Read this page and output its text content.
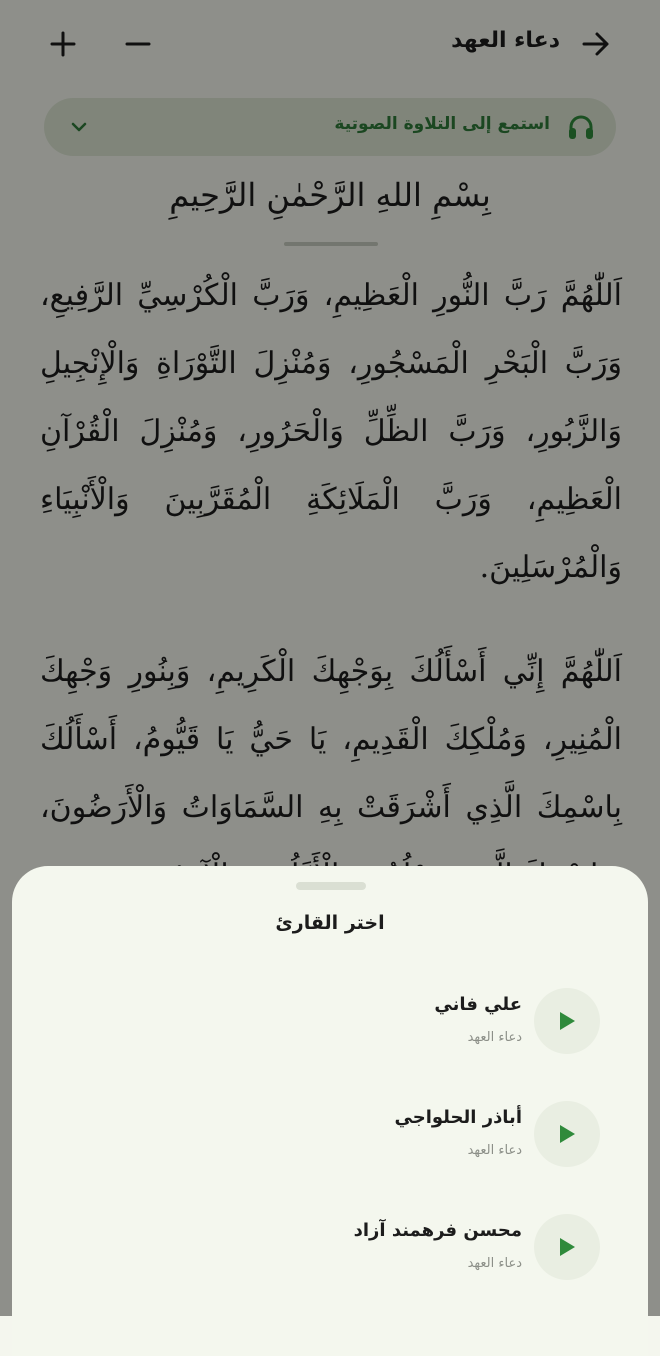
دعاء العهد
استمع إلى التلاوة الصوتية
بِسْمِ اللهِ الرَّحْمٰنِ الرَّحِيمِ

اَللّٰهُمَّ رَبَّ النُّورِ الْعَظِيمِ، وَرَبَّ الْكُرْسِيِّ الرَّفِيعِ، وَرَبَّ الْبَحْرِ الْمَسْجُورِ، وَمُنْزِلَ التَّوْرَاةِ وَالْإِنْجِيلِ وَالزَّبُورِ، وَرَبَّ الظِّلِّ وَالْحَرُورِ، وَمُنْزِلَ الْقُرْآنِ الْعَظِيمِ، وَرَبَّ الْمَلَائِكَةِ الْمُقَرَّبِينَ وَالْأَنْبِيَاءِ وَالْمُرْسَلِينَ.

اَللّٰهُمَّ إِنِّي أَسْأَلُكَ بِوَجْهِكَ الْكَرِيمِ، وَبِنُورِ وَجْهِكَ الْمُنِيرِ، وَمُلْكِكَ الْقَدِيمِ، يَا حَيُّ يَا قَيُّومُ، أَسْأَلُكَ بِاسْمِكَ الَّذِي أَشْرَقَتْ بِهِ السَّمَاوَاتُ وَالْأَرَضُونَ،

اختر القارئ
علي فاني
دعاء العهد
أباذر الحلواجي
دعاء العهد
محسن فرهمند آزاد
دعاء العهد
